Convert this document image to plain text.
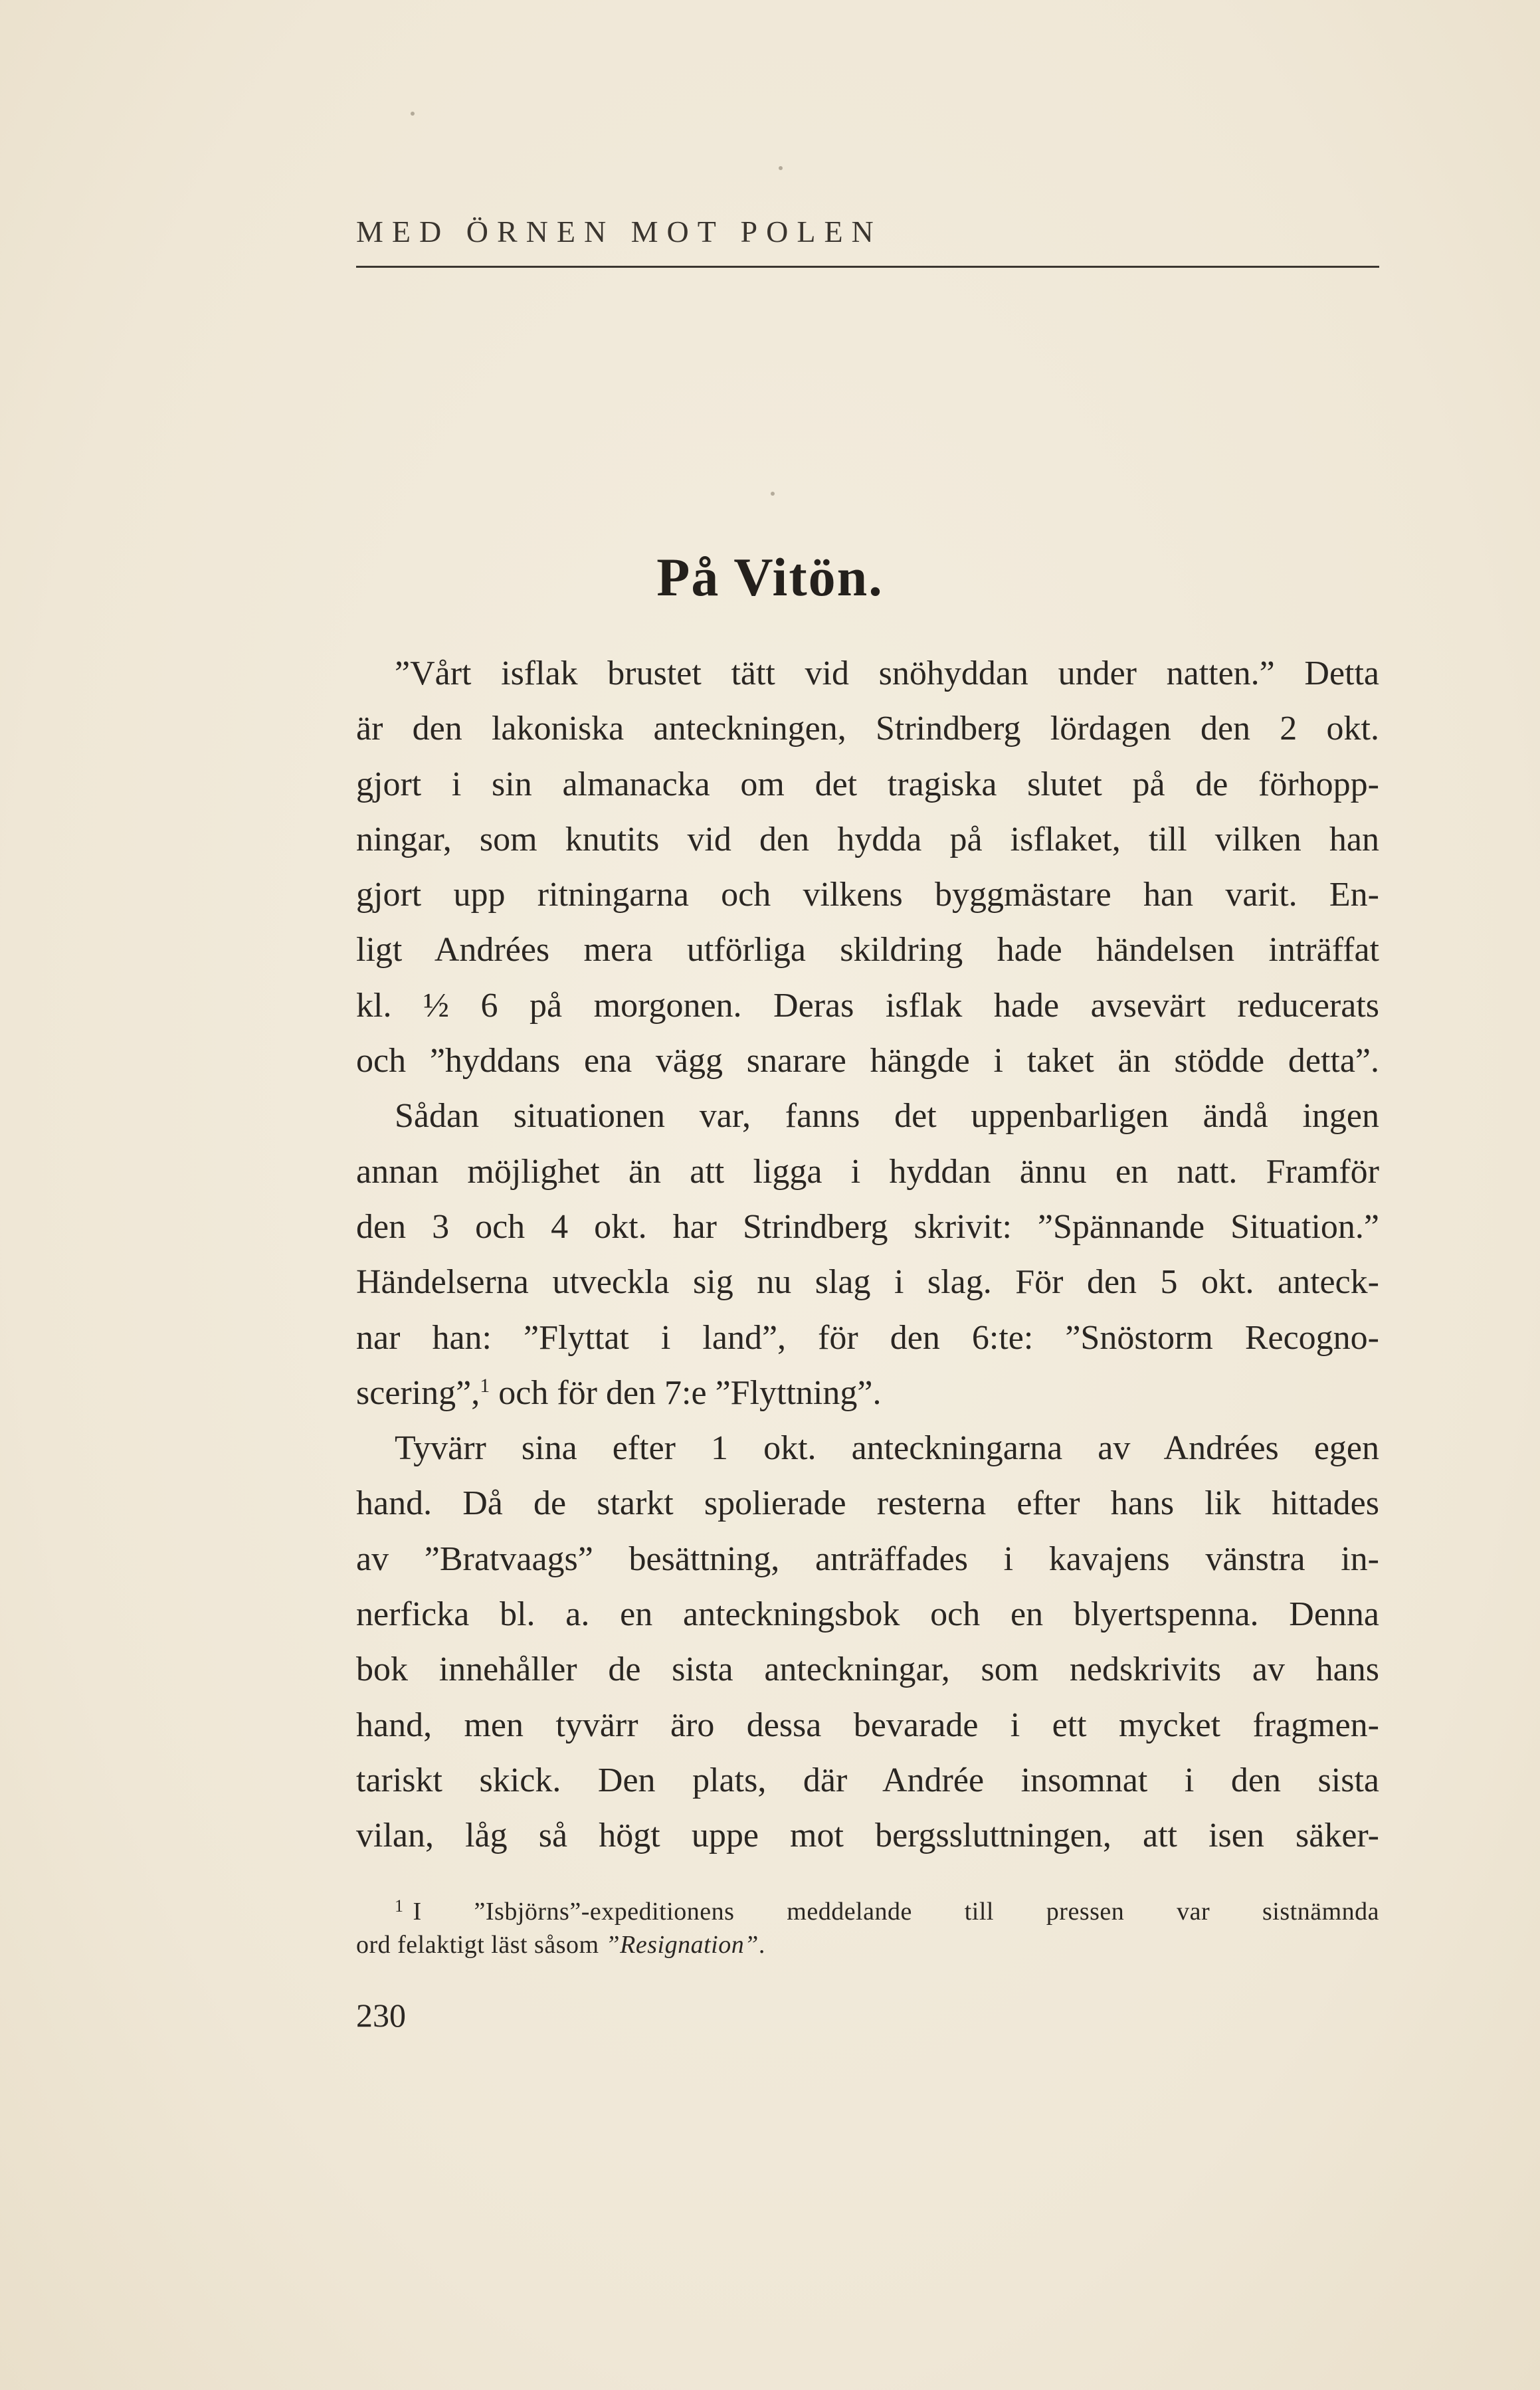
MED ÖRNEN MOT POLEN
På Vitön.
”Vårt isflak brustet tätt vid snöhyddan under natten.” Detta
är den lakoniska anteckningen, Strindberg lördagen den 2 okt.
gjort i sin almanacka om det tragiska slutet på de förhopp-
ningar, som knutits vid den hydda på isflaket, till vilken han
gjort upp ritningarna och vilkens byggmästare han varit. En-
ligt Andrées mera utförliga skildring hade händelsen inträffat
kl. ½ 6 på morgonen. Deras isflak hade avsevärt reducerats
och ”hyddans ena vägg snarare hängde i taket än stödde detta”.
Sådan situationen var, fanns det uppenbarligen ändå ingen
annan möjlighet än att ligga i hyddan ännu en natt. Framför
den 3 och 4 okt. har Strindberg skrivit: ”Spännande Situation.”
Händelserna utveckla sig nu slag i slag. För den 5 okt. anteck-
nar han: ”Flyttat i land”, för den 6:te: ”Snöstorm Recogno-
scering”,$^1$ och för den 7:e ”Flyttning”.
Tyvärr sina efter 1 okt. anteckningarna av Andrées egen
hand. Då de starkt spolierade resterna efter hans lik hittades
av ”Bratvaags” besättning, anträffades i kavajens vänstra in-
nerficka bl. a. en anteckningsbok och en blyertspenna. Denna
bok innehåller de sista anteckningar, som nedskrivits av hans
hand, men tyvärr äro dessa bevarade i ett mycket fragmen-
tariskt skick. Den plats, där Andrée insomnat i den sista
vilan, låg så högt uppe mot bergssluttningen, att isen säker-
$^1$ I ”Isbjörns”-expeditionens meddelande till pressen var sistnämnda
ord felaktigt läst såsom ”Resignation”.
230
